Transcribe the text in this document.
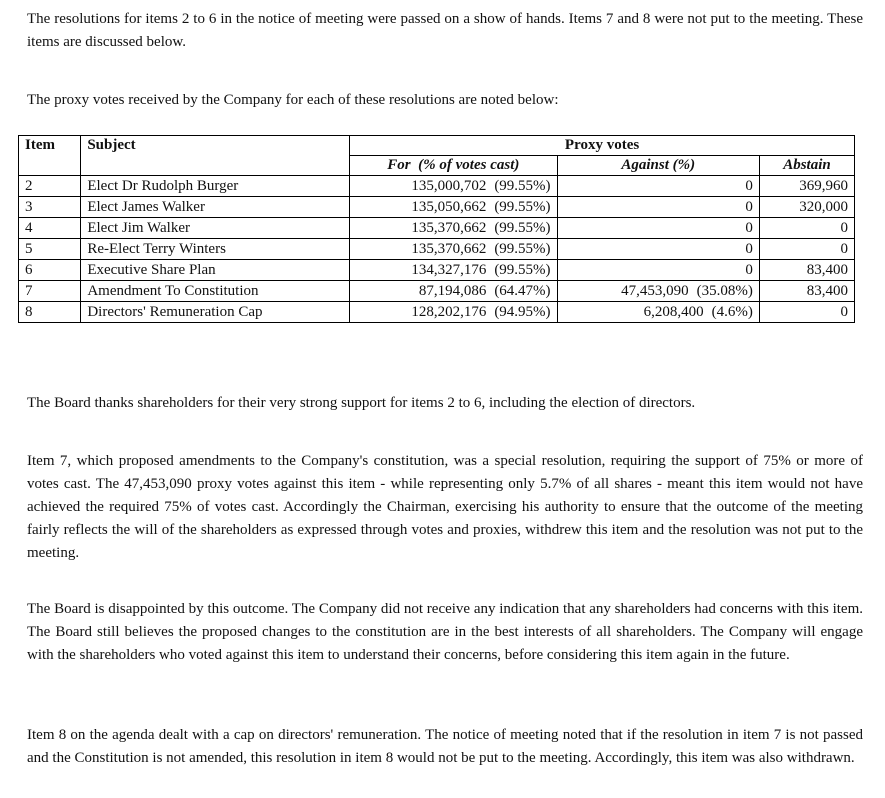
The resolutions for items 2 to 6 in the notice of meeting were passed on a show of hands. Items 7 and 8 were not put to the meeting. These items are discussed below.

The proxy votes received by the Company for each of these resolutions are noted below:

Item	Subject	Proxy votes		
		For  (% of votes cast)	Against (%)	Abstain
2	Elect Dr Rudolph Burger	135,000,702 (99.55%)	0	369,960
3	Elect James Walker	135,050,662 (99.55%)	0	320,000
4	Elect Jim Walker	135,370,662 (99.55%)	0	0
5	Re-Elect Terry Winters	135,370,662 (99.55%)	0	0
6	Executive Share Plan	134,327,176 (99.55%)	0	83,400
7	Amendment To Constitution	87,194,086 (64.47%)	47,453,090 (35.08%)	83,400
8	Directors' Remuneration Cap	128,202,176 (94.95%)	6,208,400 (4.6%)	0

The Board thanks shareholders for their very strong support for items 2 to 6, including the election of directors.

Item 7, which proposed amendments to the Company's constitution, was a special resolution, requiring the support of 75% or more of votes cast. The 47,453,090 proxy votes against this item - while representing only 5.7% of all shares - meant this item would not have achieved the required 75% of votes cast. Accordingly the Chairman, exercising his authority to ensure that the outcome of the meeting fairly reflects the will of the shareholders as expressed through votes and proxies, withdrew this item and the resolution was not put to the meeting.

The Board is disappointed by this outcome. The Company did not receive any indication that any shareholders had concerns with this item. The Board still believes the proposed changes to the constitution are in the best interests of all shareholders. The Company will engage with the shareholders who voted against this item to understand their concerns, before considering this item again in the future.

Item 8 on the agenda dealt with a cap on directors' remuneration. The notice of meeting noted that if the resolution in item 7 is not passed and the Constitution is not amended, this resolution in item 8 would not be put to the meeting. Accordingly, this item was also withdrawn.
